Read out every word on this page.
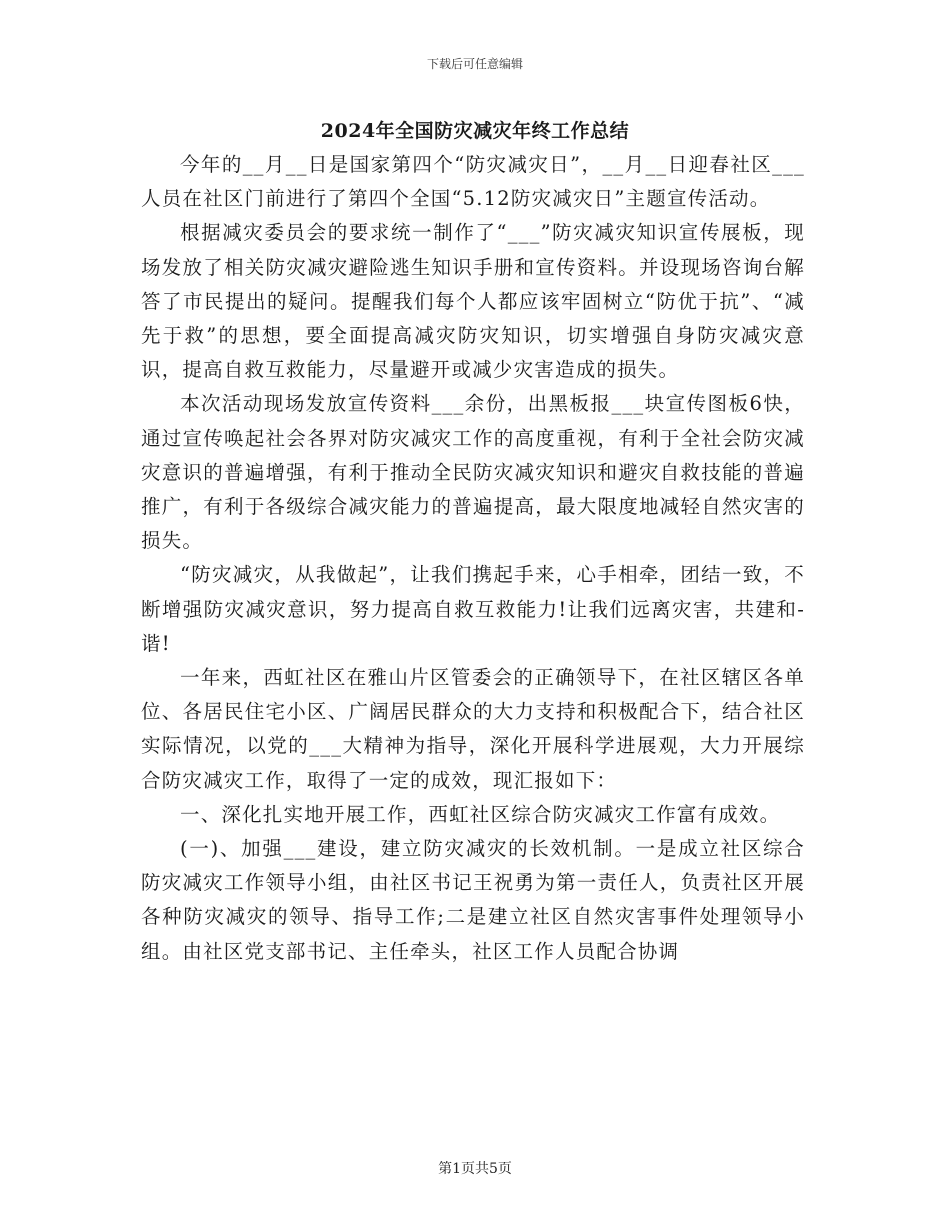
下载后可任意编辑
2024年全国防灾减灾年终工作总结

今年的__月__日是国家第四个“防灾减灾日”，__月__日迎春社区___人员在社区门前进行了第四个全国“5.12防灾减灾日”主题宣传活动。

根据减灾委员会的要求统一制作了“___”防灾减灾知识宣传展板，现场发放了相关防灾减灾避险逃生知识手册和宣传资料。并设现场咨询台解答了市民提出的疑问。提醒我们每个人都应该牢固树立“防优于抗”、“减先于救”的思想，要全面提高减灾防灾知识，切实增强自身防灾减灾意识，提高自救互救能力，尽量避开或减少灾害造成的损失。

本次活动现场发放宣传资料___余份，出黑板报___块宣传图板6快，通过宣传唤起社会各界对防灾减灾工作的高度重视，有利于全社会防灾减灾意识的普遍增强，有利于推动全民防灾减灾知识和避灾自救技能的普遍推广，有利于各级综合减灾能力的普遍提高，最大限度地减轻自然灾害的损失。

“防灾减灾，从我做起”，让我们携起手来，心手相牵，团结一致，不断增强防灾减灾意识，努力提高自救互救能力!让我们远离灾害，共建和-谐!

一年来，西虹社区在雅山片区管委会的正确领导下，在社区辖区各单位、各居民住宅小区、广阔居民群众的大力支持和积极配合下，结合社区实际情况，以党的___大精神为指导，深化开展科学进展观，大力开展综合防灾减灾工作，取得了一定的成效，现汇报如下：

一、深化扎实地开展工作，西虹社区综合防灾减灾工作富有成效。

(一)、加强___建设，建立防灾减灾的长效机制。一是成立社区综合防灾减灾工作领导小组，由社区书记王祝勇为第一责任人，负责社区开展各种防灾减灾的领导、指导工作;二是建立社区自然灾害事件处理领导小组。由社区党支部书记、主任牵头，社区工作人员配合协调

第1页共5页
